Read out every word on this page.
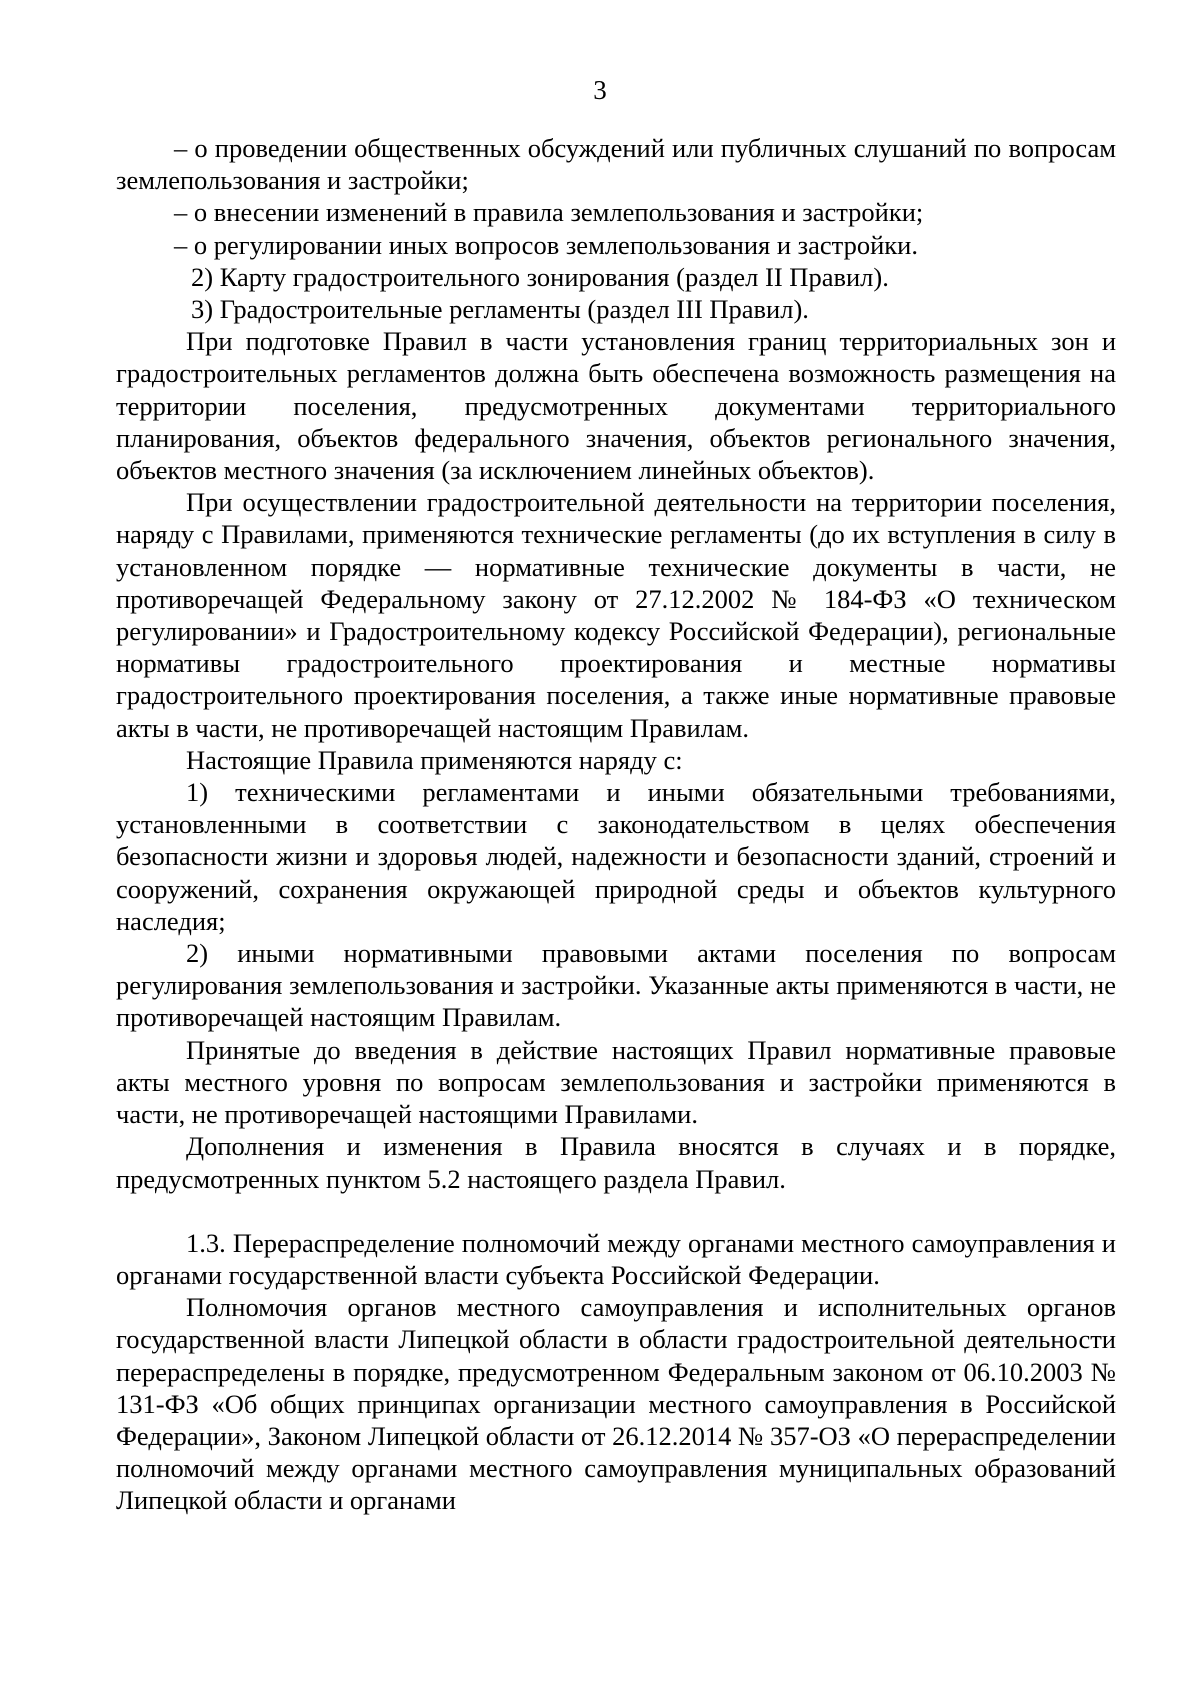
3

– о проведении общественных обсуждений или публичных слушаний по вопросам землепользования и застройки;

– о внесении изменений в правила землепользования и застройки;

– о регулировании иных вопросов землепользования и застройки.

2) Карту градостроительного зонирования (раздел II Правил).

3) Градостроительные регламенты (раздел III Правил).

При подготовке Правил в части установления границ территориальных зон и градостроительных регламентов должна быть обеспечена возможность размещения на территории поселения, предусмотренных документами территориального планирования, объектов федерального значения, объектов регионального значения, объектов местного значения (за исключением линейных объектов).

При осуществлении градостроительной деятельности на территории поселения, наряду с Правилами, применяются технические регламенты (до их вступления в силу в установленном порядке — нормативные технические документы в части, не противоречащей Федеральному закону от 27.12.2002 № 184-ФЗ «О техническом регулировании» и Градостроительному кодексу Российской Федерации), региональные нормативы градостроительного проектирования и местные нормативы градостроительного проектирования поселения, а также иные нормативные правовые акты в части, не противоречащей настоящим Правилам.

Настоящие Правила применяются наряду с:

1) техническими регламентами и иными обязательными требованиями, установленными в соответствии с законодательством в целях обеспечения безопасности жизни и здоровья людей, надежности и безопасности зданий, строений и сооружений, сохранения окружающей природной среды и объектов культурного наследия;

2) иными нормативными правовыми актами поселения по вопросам регулирования землепользования и застройки. Указанные акты применяются в части, не противоречащей настоящим Правилам.

Принятые до введения в действие настоящих Правил нормативные правовые акты местного уровня по вопросам землепользования и застройки применяются в части, не противоречащей настоящими Правилами.

Дополнения и изменения в Правила вносятся в случаях и в порядке, предусмотренных пунктом 5.2 настоящего раздела Правил.

1.3. Перераспределение полномочий между органами местного самоуправления и органами государственной власти субъекта Российской Федерации.

Полномочия органов местного самоуправления и исполнительных органов государственной власти Липецкой области в области градостроительной деятельности перераспределены в порядке, предусмотренном Федеральным законом от 06.10.2003 № 131-ФЗ «Об общих принципах организации местного самоуправления в Российской Федерации», Законом Липецкой области от 26.12.2014 № 357-ОЗ «О перераспределении полномочий между органами местного самоуправления муниципальных образований Липецкой области и органами
